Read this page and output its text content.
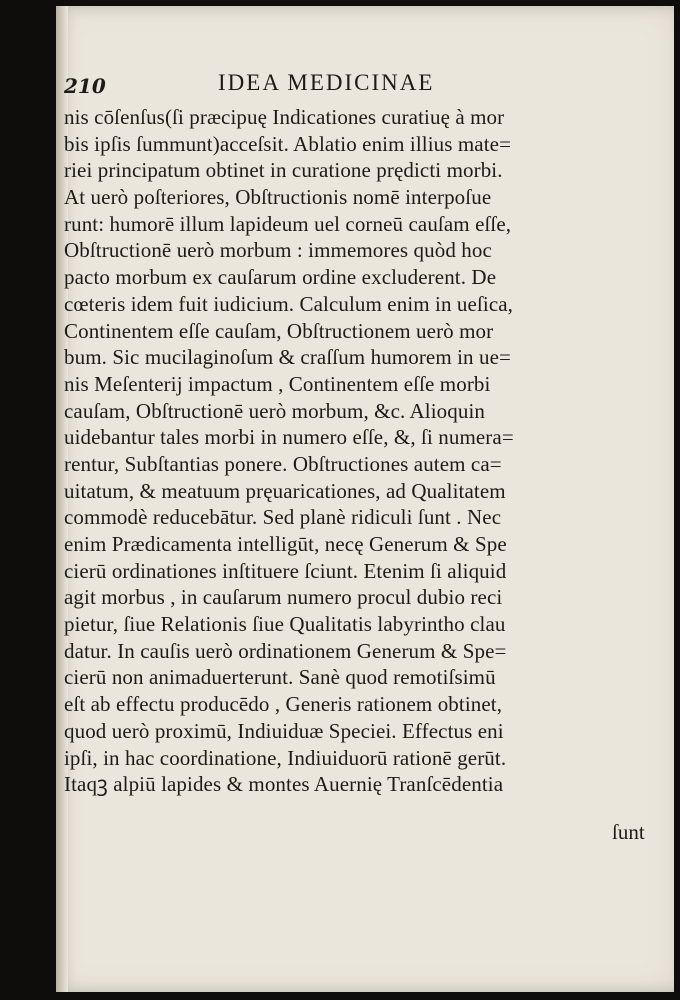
210	IDEA MEDICINAE
nis cōſenſus(ſi præcipuę Indicationes curatiuę à mor
bis ipſis ſummunt)acceſsit. Ablatio enim illius mate=
riei principatum obtinet in curatione prędicti morbi.
At uerò poſteriores, Obſtructionis nomē interpoſue
runt: humorē illum lapideum uel corneū cauſam eſſe,
Obſtructionē uerò morbum : immemores quòd hoc
pacto morbum ex cauſarum ordine excluderent. De
cœteris idem fuit iudicium. Calculum enim in ueſica,
Continentem eſſe cauſam, Obſtructionem uerò mor
bum. Sic mucilaginoſum & craſſum humorem in ue=
nis Meſenterij impactum , Continentem eſſe morbi
cauſam, Obſtructionē uerò morbum, &c. Alioquin
uidebantur tales morbi in numero eſſe, &, ſi numera=
rentur, Subſtantias ponere. Obſtructiones autem ca=
uitatum, & meatuum pręuaricationes, ad Qualitatem
commodè reducebātur. Sed planè ridiculi ſunt . Nec
enim Prædicamenta intelligūt, necę Generum & Spe
cierū ordinationes inſtituere ſciunt. Etenim ſi aliquid
agit morbus , in cauſarum numero procul dubio reci
pietur, ſiue Relationis ſiue Qualitatis labyrintho clau
datur. In cauſis uerò ordinationem Generum & Spe=
cierū non animaduerterunt. Sanè quod remotiſsimū
eſt ab effectu producēdo , Generis rationem obtinet,
quod uerò proximū, Indiuiduæ Speciei. Effectus eni
ipſi, in hac coordinatione, Indiuiduorū rationē gerūt.
Itaqꝫ alpiū lapides & montes Auernię Tranſcēdentia
ſunt
